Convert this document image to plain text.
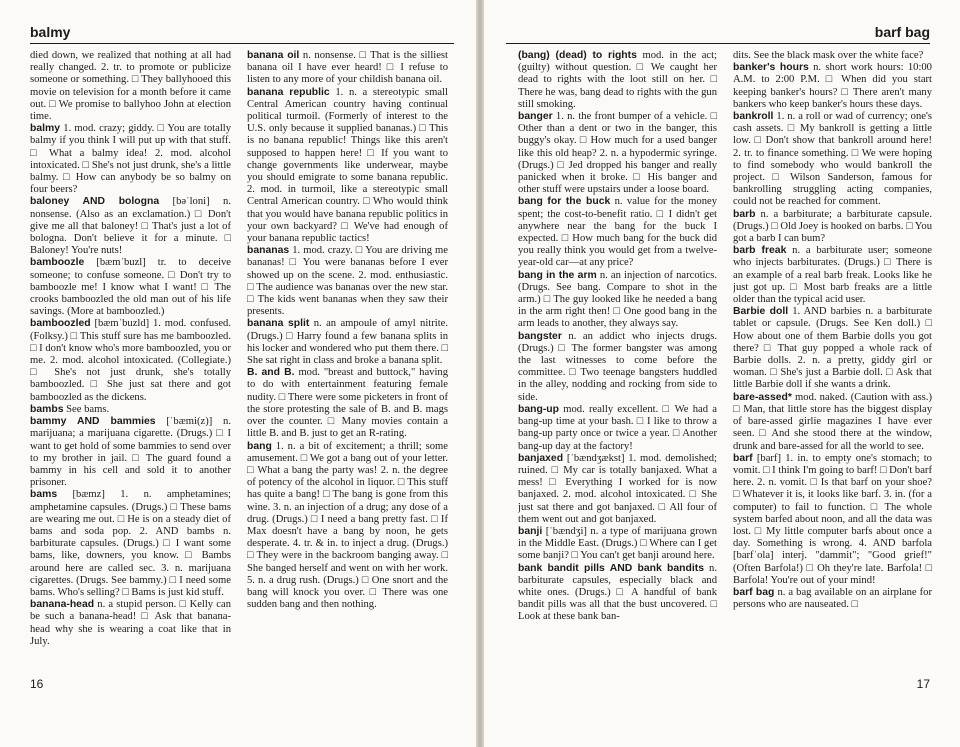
balmy

died down, we realized that nothing at all had really changed. 2. tr. to promote or publicize someone or something. □ They ballyhooed this movie on television for a month before it came out. □ We promise to ballyhoo John at election time.

balmy 1. mod. crazy; giddy. □ You are totally balmy if you think I will put up with that stuff. □ What a balmy idea! 2. mod. alcohol intoxicated. □ She's not just drunk, she's a little balmy. □ How can anybody be so balmy on four beers?

baloney AND bologna [bəˈloni] n. nonsense. (Also as an exclamation.) □ Don't give me all that baloney! □ That's just a lot of bologna. Don't believe it for a minute. □ Baloney! You're nuts!

bamboozle [bæmˈbuzl] tr. to deceive someone; to confuse someone. □ Don't try to bamboozle me! I know what I want! □ The crooks bamboozled the old man out of his life savings. (More at bamboozled.)

bamboozled [bæmˈbuzld] 1. mod. confused. (Folksy.) □ This stuff sure has me bamboozled. □ I don't know who's more bamboozled, you or me. 2. mod. alcohol intoxicated. (Collegiate.) □ She's not just drunk, she's totally bamboozled. □ She just sat there and got bamboozled as the dickens.

bambs See bams.

bammy AND bammies [ˈbæmi(z)] n. marijuana; a marijuana cigarette. (Drugs.) □ I want to get hold of some bammies to send over to my brother in jail. □ The guard found a bammy in his cell and sold it to another prisoner.

bams [bæmz] 1. n. amphetamines; amphetamine capsules. (Drugs.) □ These bams are wearing me out. □ He is on a steady diet of bams and soda pop. 2. AND bambs n. barbiturate capsules. (Drugs.) □ I want some bams, like, downers, you know. □ Bambs around here are called sec. 3. n. marijuana cigarettes. (Drugs. See bammy.) □ I need some bams. Who's selling? □ Bams is just kid stuff.

banana-head n. a stupid person. □ Kelly can be such a banana-head! □ Ask that banana-head why she is wearing a coat like that in July.

banana oil n. nonsense. □ That is the silliest banana oil I have ever heard! □ I refuse to listen to any more of your childish banana oil.

banana republic 1. n. a stereotypic small Central American country having continual political turmoil. (Formerly of interest to the U.S. only because it supplied bananas.) □ This is no banana republic! Things like this aren't supposed to happen here! □ If you want to change governments like underwear, maybe you should emigrate to some banana republic. 2. mod. in turmoil, like a stereotypic small Central American country. □ Who would think that you would have banana republic politics in your own backyard? □ We've had enough of your banana republic tactics!

bananas 1. mod. crazy. □ You are driving me bananas! □ You were bananas before I ever showed up on the scene. 2. mod. enthusiastic. □ The audience was bananas over the new star. □ The kids went bananas when they saw their presents.

banana split n. an ampoule of amyl nitrite. (Drugs.) □ Harry found a few banana splits in his locker and wondered who put them there. □ She sat right in class and broke a banana split.

B. and B. mod. "breast and buttock," having to do with entertainment featuring female nudity. □ There were some picketers in front of the store protesting the sale of B. and B. mags over the counter. □ Many movies contain a little B. and B. just to get an R-rating.

bang 1. n. a bit of excitement; a thrill; some amusement. □ We got a bang out of your letter. □ What a bang the party was! 2. n. the degree of potency of the alcohol in liquor. □ This stuff has quite a bang! □ The bang is gone from this wine. 3. n. an injection of a drug; any dose of a drug. (Drugs.) □ I need a bang pretty fast. □ If Max doesn't have a bang by noon, he gets desperate. 4. tr. & in. to inject a drug. (Drugs.) □ They were in the backroom banging away. □ She banged herself and went on with her work. 5. n. a drug rush. (Drugs.) □ One snort and the bang will knock you over. □ There was one sudden bang and then nothing.

16
barf bag

(bang) (dead) to rights mod. in the act; (guilty) without question. □ We caught her dead to rights with the loot still on her. □ There he was, bang dead to rights with the gun still smoking.

banger 1. n. the front bumper of a vehicle. □ Other than a dent or two in the banger, this buggy's okay. □ How much for a used banger like this old heap? 2. n. a hypodermic syringe. (Drugs.) □ Jed dropped his banger and really panicked when it broke. □ His banger and other stuff were upstairs under a loose board.

bang for the buck n. value for the money spent; the cost-to-benefit ratio. □ I didn't get anywhere near the bang for the buck I expected. □ How much bang for the buck did you really think you would get from a twelve-year-old car—at any price?

bang in the arm n. an injection of narcotics. (Drugs. See bang. Compare to shot in the arm.) □ The guy looked like he needed a bang in the arm right then! □ One good bang in the arm leads to another, they always say.

bangster n. an addict who injects drugs. (Drugs.) □ The former bangster was among the last witnesses to come before the committee. □ Two teenage bangsters huddled in the alley, nodding and rocking from side to side.

bang-up mod. really excellent. □ We had a bang-up time at your bash. □ I like to throw a bang-up party once or twice a year. □ Another bang-up day at the factory!

banjaxed [ˈbændʒækst] 1. mod. demolished; ruined. □ My car is totally banjaxed. What a mess! □ Everything I worked for is now banjaxed. 2. mod. alcohol intoxicated. □ She just sat there and got banjaxed. □ All four of them went out and got banjaxed.

banji [ˈbændʒi] n. a type of marijuana grown in the Middle East. (Drugs.) □ Where can I get some banji? □ You can't get banji around here.

bank bandit pills AND bank bandits n. barbiturate capsules, especially black and white ones. (Drugs.) □ A handful of bank bandit pills was all that the bust uncovered. □ Look at these bank ban-

dits. See the black mask over the white face?

banker's hours n. short work hours: 10:00 A.M. to 2:00 P.M. □ When did you start keeping banker's hours? □ There aren't many bankers who keep banker's hours these days.

bankroll 1. n. a roll or wad of currency; one's cash assets. □ My bankroll is getting a little low. □ Don't show that bankroll around here! 2. tr. to finance something. □ We were hoping to find somebody who would bankroll the project. □ Wilson Sanderson, famous for bankrolling struggling acting companies, could not be reached for comment.

barb n. a barbiturate; a barbiturate capsule. (Drugs.) □ Old Joey is hooked on barbs. □ You got a barb I can bum?

barb freak n. a barbiturate user; someone who injects barbiturates. (Drugs.) □ There is an example of a real barb freak. Looks like he just got up. □ Most barb freaks are a little older than the typical acid user.

Barbie doll 1. AND barbies n. a barbiturate tablet or capsule. (Drugs. See Ken doll.) □ How about one of them Barbie dolls you got there? □ That guy popped a whole rack of Barbie dolls. 2. n. a pretty, giddy girl or woman. □ She's just a Barbie doll. □ Ask that little Barbie doll if she wants a drink.

bare-assed* mod. naked. (Caution with ass.) □ Man, that little store has the biggest display of bare-assed girlie magazines I have ever seen. □ And she stood there at the window, drunk and bare-assed for all the world to see.

barf [barf] 1. in. to empty one's stomach; to vomit. □ I think I'm going to barf! □ Don't barf here. 2. n. vomit. □ Is that barf on your shoe? □ Whatever it is, it looks like barf. 3. in. (for a computer) to fail to function. □ The whole system barfed about noon, and all the data was lost. □ My little computer barfs about once a day. Something is wrong. 4. AND barfola [barfˈola] interj. "dammit"; "Good grief!" (Often Barfola!) □ Oh they're late. Barfola! □ Barfola! You're out of your mind!

barf bag n. a bag available on an airplane for persons who are nauseated. □

17
